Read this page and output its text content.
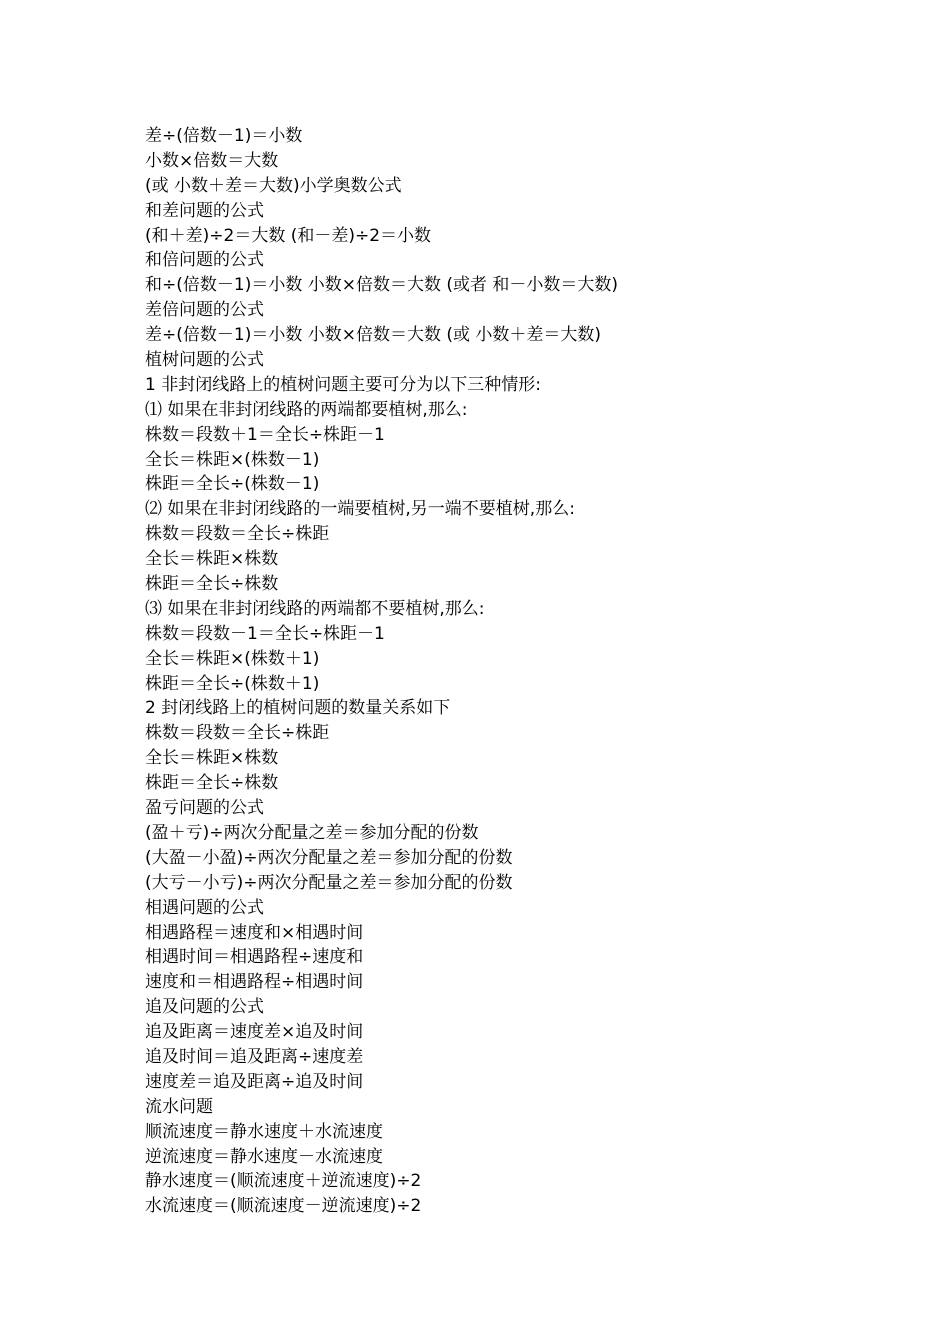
差÷(倍数－1)＝小数
小数×倍数＝大数
(或 小数＋差＝大数)小学奥数公式
和差问题的公式
(和＋差)÷2＝大数 (和－差)÷2＝小数
和倍问题的公式
和÷(倍数－1)＝小数 小数×倍数＝大数 (或者 和－小数＝大数)
差倍问题的公式
差÷(倍数－1)＝小数 小数×倍数＝大数 (或 小数＋差＝大数)
植树问题的公式
1 非封闭线路上的植树问题主要可分为以下三种情形:
⑴ 如果在非封闭线路的两端都要植树,那么:
株数＝段数＋1＝全长÷株距－1
全长＝株距×(株数－1)
株距＝全长÷(株数－1)
⑵ 如果在非封闭线路的一端要植树,另一端不要植树,那么:
株数＝段数＝全长÷株距
全长＝株距×株数
株距＝全长÷株数
⑶ 如果在非封闭线路的两端都不要植树,那么:
株数＝段数－1＝全长÷株距－1
全长＝株距×(株数＋1)
株距＝全长÷(株数＋1)
2 封闭线路上的植树问题的数量关系如下
株数＝段数＝全长÷株距
全长＝株距×株数
株距＝全长÷株数
盈亏问题的公式
(盈＋亏)÷两次分配量之差＝参加分配的份数
(大盈－小盈)÷两次分配量之差＝参加分配的份数
(大亏－小亏)÷两次分配量之差＝参加分配的份数
相遇问题的公式
相遇路程＝速度和×相遇时间
相遇时间＝相遇路程÷速度和
速度和＝相遇路程÷相遇时间
追及问题的公式
追及距离＝速度差×追及时间
追及时间＝追及距离÷速度差
速度差＝追及距离÷追及时间
流水问题
顺流速度＝静水速度＋水流速度
逆流速度＝静水速度－水流速度
静水速度＝(顺流速度＋逆流速度)÷2
水流速度＝(顺流速度－逆流速度)÷2
